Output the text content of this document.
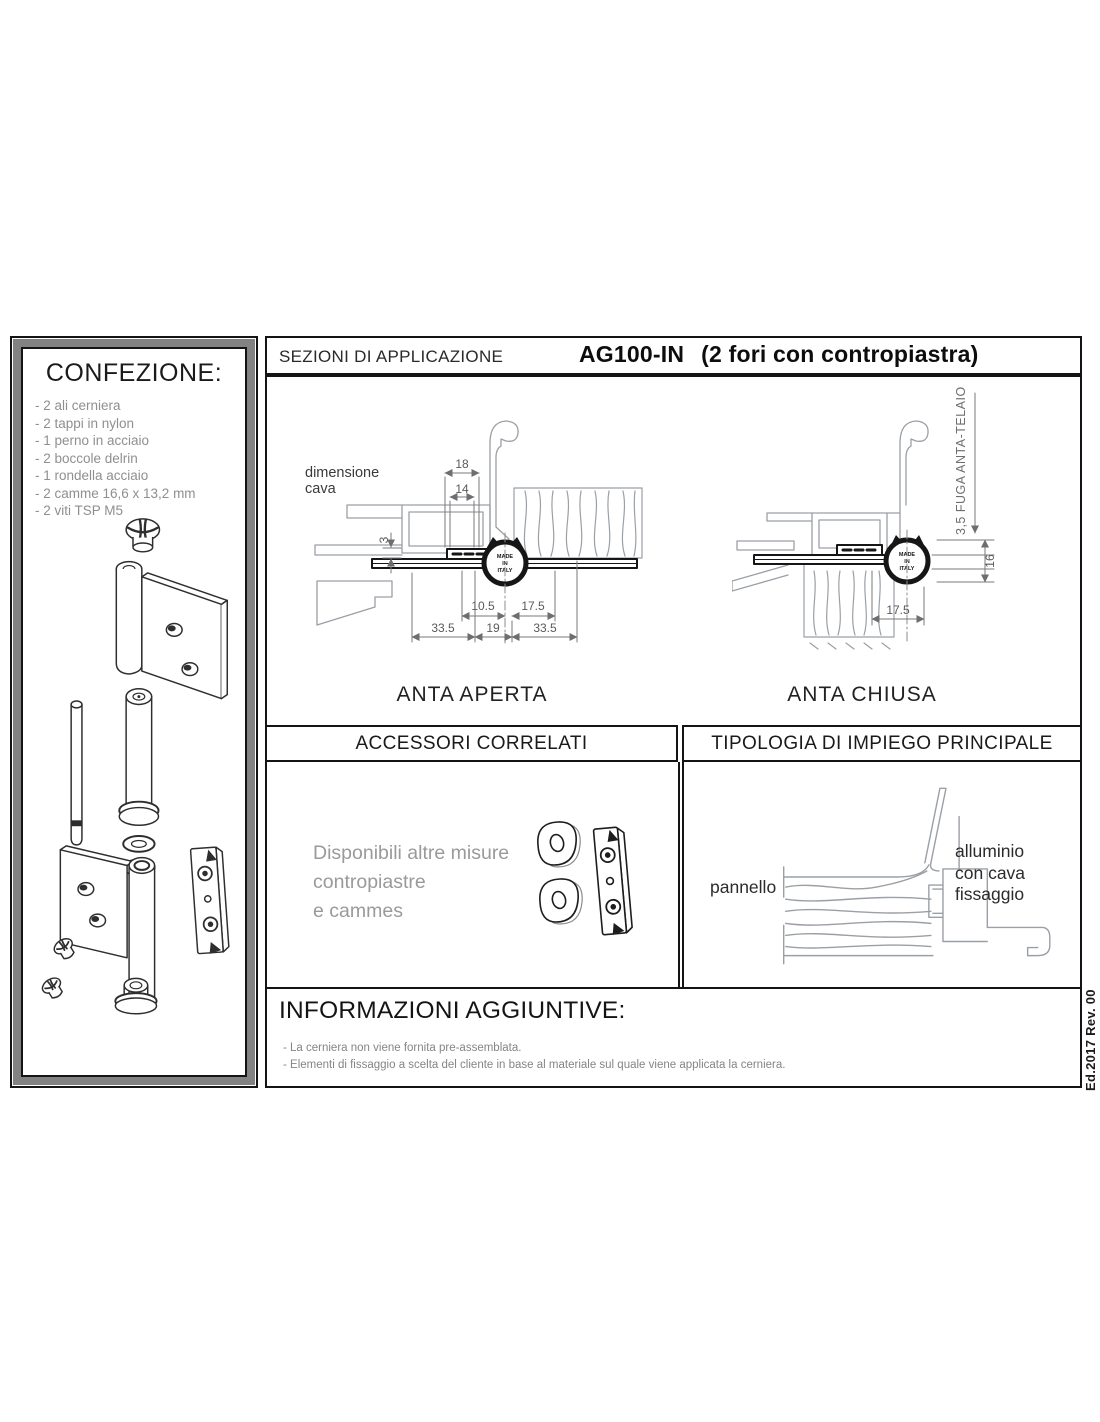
CONFEZIONE:
- 2 ali cerniera
- 2 tappi in nylon
- 1 perno in acciaio
- 2 boccole delrin
- 1 rondella acciaio
- 2 camme 16,6 x 13,2 mm
- 2 viti TSP M5
SEZIONI DI APPLICAZIONE	AG100-IN (2 fori con contropiastra)
MADE
IN
ITALY
18
14
3
10.5 17.5
33.5	19	33.5
dimensione
cava
ANTA APERTA
MADE
IN
ITALY
16
17.5
3,5 FUGA ANTA-TELAIO
ANTA CHIUSA
ACCESSORI CORRELATI	TIPOLOGIA DI IMPIEGO PRINCIPALE
Disponibili altre misure
contropiastre
e cammes
pannello
alluminio
con cava
fissaggio
INFORMAZIONI AGGIUNTIVE:
- La cerniera non viene fornita pre-assemblata.
- Elementi di fissaggio a scelta del cliente in base al materiale sul quale viene applicata la cerniera.	Ed.2017 Rev. 00
